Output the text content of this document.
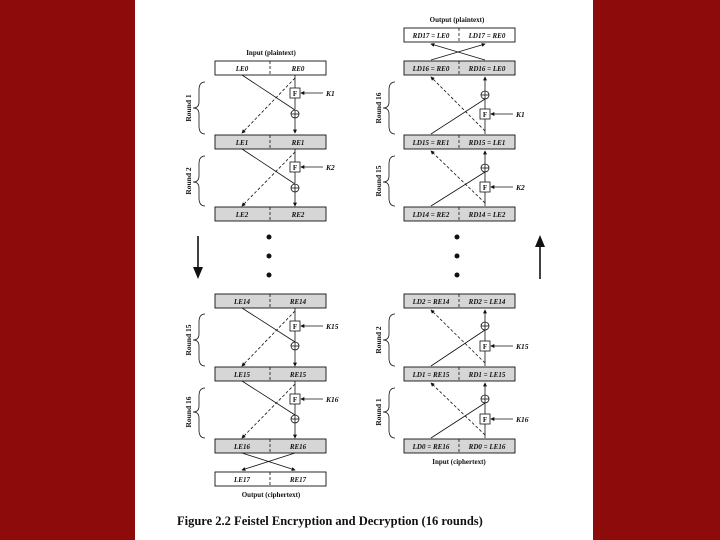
Input (plaintext)
LE0	RE0
F	K1
Round 1
LE1	RE1
F	K2
Round 2
LE2	RE2
LE14	RE14
F	K15
Round 15
LE15	RE15
F	K16
Round 16
LE16	RE16
LE17	RE17
Output (ciphertext)
Output (plaintext)
RD17 = LE0	LD17 = RE0
LD16 = RE0	RD16 = LE0
F	K1
Round 16
LD15 = RE1	RD15 = LE1
F	K2
Round 15
LD14 = RE2	RD14 = LE2
LD2 = RE14	RD2 = LE14
F	K15
Round 2
LD1 = RE15	RD1 = LE15
F	K16
Round 1
LD0 = RE16	RD0 = LE16
Input (ciphertext)
Figure 2.2 Feistel Encryption and Decryption (16 rounds)
